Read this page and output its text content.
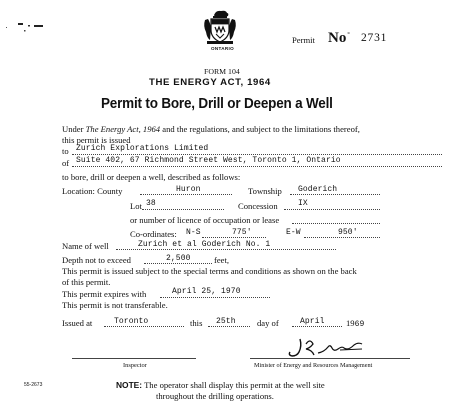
ONTARIO
Permit No° 2731
FORM 104
THE ENERGY ACT, 1964
Permit to Bore, Drill or Deepen a Well
Under The Energy Act, 1964 and the regulations, and subject to the limitations thereof,
this permit is issued
to Zurich Explorations Limited
of Suite 402, 67 Richmond Street West, Toronto 1, Ontario
to bore, drill or deepen a well, described as follows:
Location: County	Huron	Township Goderich
Lot 38	Concession	IX
or number of licence of occupation or lease
Co-ordinates: N-S	775'	E-W	950'
Name of well	Zurich et al Goderich No. 1
Depth not to exceed	2,500	feet,
This permit is issued subject to the special terms and conditions as shown on the back
of this permit.
This permit expires with	April 25, 1970
This permit is not transferable.
Issued at	Toronto	this 25th day of	April 1969
Inspector	Minister of Energy and Resources Management
55-2673	NOTE: The operator shall display this permit at the well site
throughout the drilling operations.
